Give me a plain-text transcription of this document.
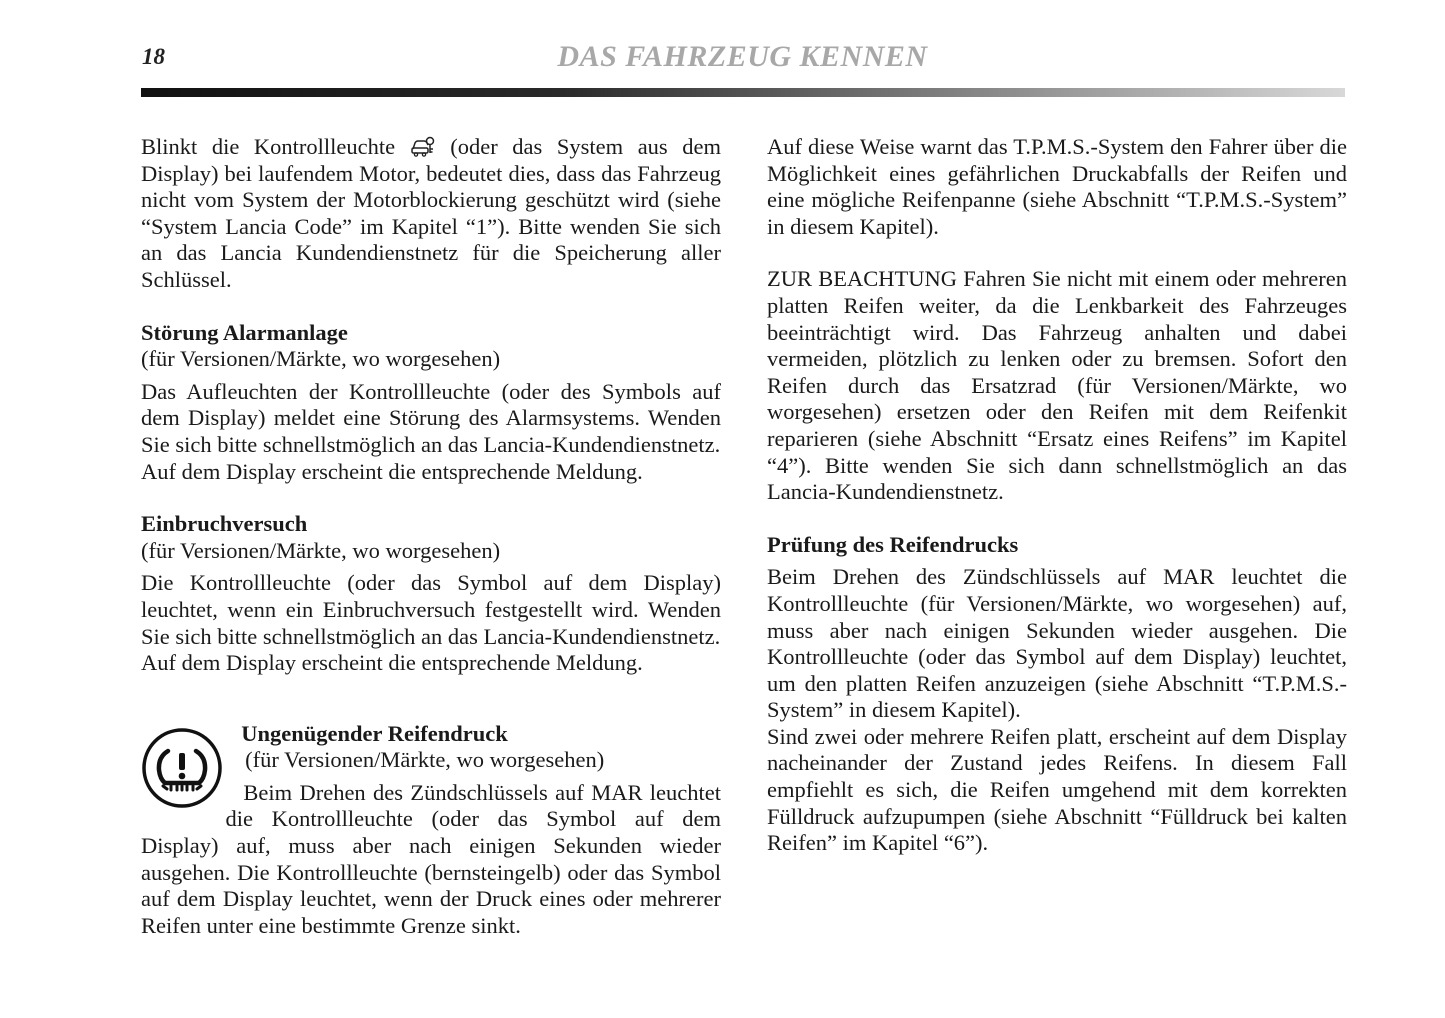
18	DAS FAHRZEUG KENNEN

Blinkt die Kontrollleuchte (oder das System aus dem Display) bei laufendem Motor, bedeutet dies, dass das Fahrzeug nicht vom System der Motorblockierung geschützt wird (siehe “System Lancia Code” im Kapitel “1”). Bitte wenden Sie sich an das Lancia Kundendienstnetz für die Speicherung aller Schlüssel.

Störung Alarmanlage

(für Versionen/Märkte, wo worgesehen)

Das Aufleuchten der Kontrollleuchte (oder des Symbols auf dem Display) meldet eine Störung des Alarmsystems. Wenden Sie sich bitte schnellstmöglich an das Lancia-Kundendienstnetz.

Auf dem Display erscheint die entsprechende Meldung.

Einbruchversuch

(für Versionen/Märkte, wo worgesehen)

Die Kontrollleuchte (oder das Symbol auf dem Display) leuchtet, wenn ein Einbruchversuch festgestellt wird. Wenden Sie sich bitte schnellstmöglich an das Lancia-Kundendienstnetz.

Auf dem Display erscheint die entsprechende Meldung.

Ungenügender Reifendruck

(für Versionen/Märkte, wo worgesehen)

Beim Drehen des Zündschlüssels auf MAR leuchtet die Kontrollleuchte (oder das Symbol auf dem Display) auf, muss aber nach einigen Sekunden wieder ausgehen. Die Kontrollleuchte (bernsteingelb) oder das Symbol auf dem Display leuchtet, wenn der Druck eines oder mehrerer Reifen unter eine bestimmte Grenze sinkt.

Auf diese Weise warnt das T.P.M.S.-System den Fahrer über die Möglichkeit eines gefährlichen Druckabfalls der Reifen und eine mögliche Reifenpanne (siehe Abschnitt “T.P.M.S.-System” in diesem Kapitel).

ZUR BEACHTUNG Fahren Sie nicht mit einem oder mehreren platten Reifen weiter, da die Lenkbarkeit des Fahrzeuges beeinträchtigt wird. Das Fahrzeug anhalten und dabei vermeiden, plötzlich zu lenken oder zu bremsen. Sofort den Reifen durch das Ersatzrad (für Versionen/Märkte, wo worgesehen) ersetzen oder den Reifen mit dem Reifenkit reparieren (siehe Abschnitt “Ersatz eines Reifens” im Kapitel “4”). Bitte wenden Sie sich dann schnellstmöglich an das Lancia-Kundendienstnetz.

Prüfung des Reifendrucks

Beim Drehen des Zündschlüssels auf MAR leuchtet die Kontrollleuchte (für Versionen/Märkte, wo worgesehen) auf, muss aber nach einigen Sekunden wieder ausgehen. Die Kontrollleuchte (oder das Symbol auf dem Display) leuchtet, um den platten Reifen anzuzeigen (siehe Abschnitt “T.P.M.S.-System” in diesem Kapitel).

Sind zwei oder mehrere Reifen platt, erscheint auf dem Display nacheinander der Zustand jedes Reifens. In diesem Fall empfiehlt es sich, die Reifen umgehend mit dem korrekten Fülldruck aufzupumpen (siehe Abschnitt “Fülldruck bei kalten Reifen” im Kapitel “6”).
